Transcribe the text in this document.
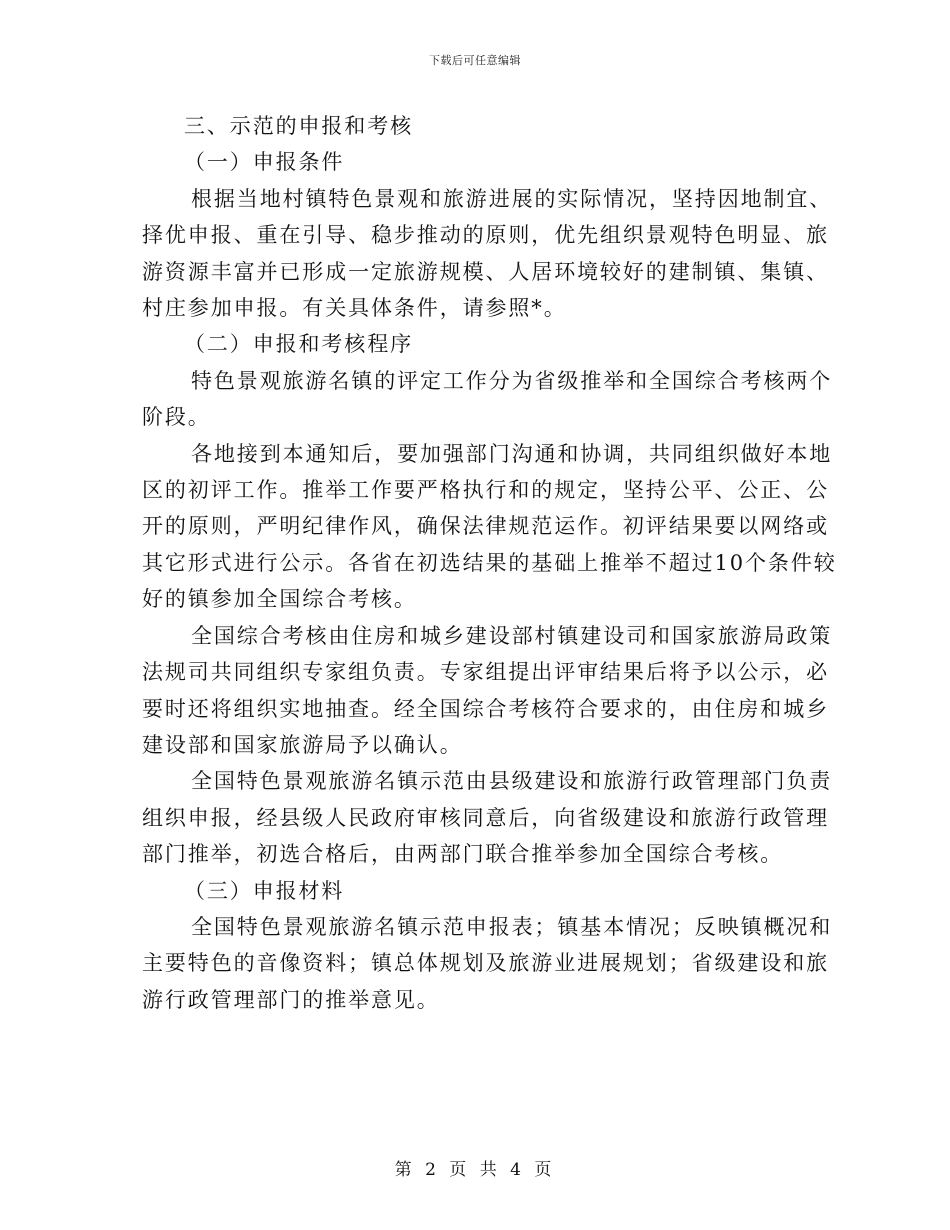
下载后可任意编辑
三、示范的申报和考核
（一）申报条件
根据当地村镇特色景观和旅游进展的实际情况，坚持因地制宜、
择优申报、重在引导、稳步推动的原则，优先组织景观特色明显、旅
游资源丰富并已形成一定旅游规模、人居环境较好的建制镇、集镇、
村庄参加申报。有关具体条件，请参照*。
（二）申报和考核程序
特色景观旅游名镇的评定工作分为省级推举和全国综合考核两个
阶段。
各地接到本通知后，要加强部门沟通和协调，共同组织做好本地
区的初评工作。推举工作要严格执行和的规定，坚持公平、公正、公
开的原则，严明纪律作风，确保法律规范运作。初评结果要以网络或
其它形式进行公示。各省在初选结果的基础上推举不超过10个条件较
好的镇参加全国综合考核。
全国综合考核由住房和城乡建设部村镇建设司和国家旅游局政策
法规司共同组织专家组负责。专家组提出评审结果后将予以公示，必
要时还将组织实地抽查。经全国综合考核符合要求的，由住房和城乡
建设部和国家旅游局予以确认。
全国特色景观旅游名镇示范由县级建设和旅游行政管理部门负责
组织申报，经县级人民政府审核同意后，向省级建设和旅游行政管理
部门推举，初选合格后，由两部门联合推举参加全国综合考核。
（三）申报材料
全国特色景观旅游名镇示范申报表；镇基本情况；反映镇概况和
主要特色的音像资料；镇总体规划及旅游业进展规划；省级建设和旅
游行政管理部门的推举意见。
第 2 页 共 4 页
